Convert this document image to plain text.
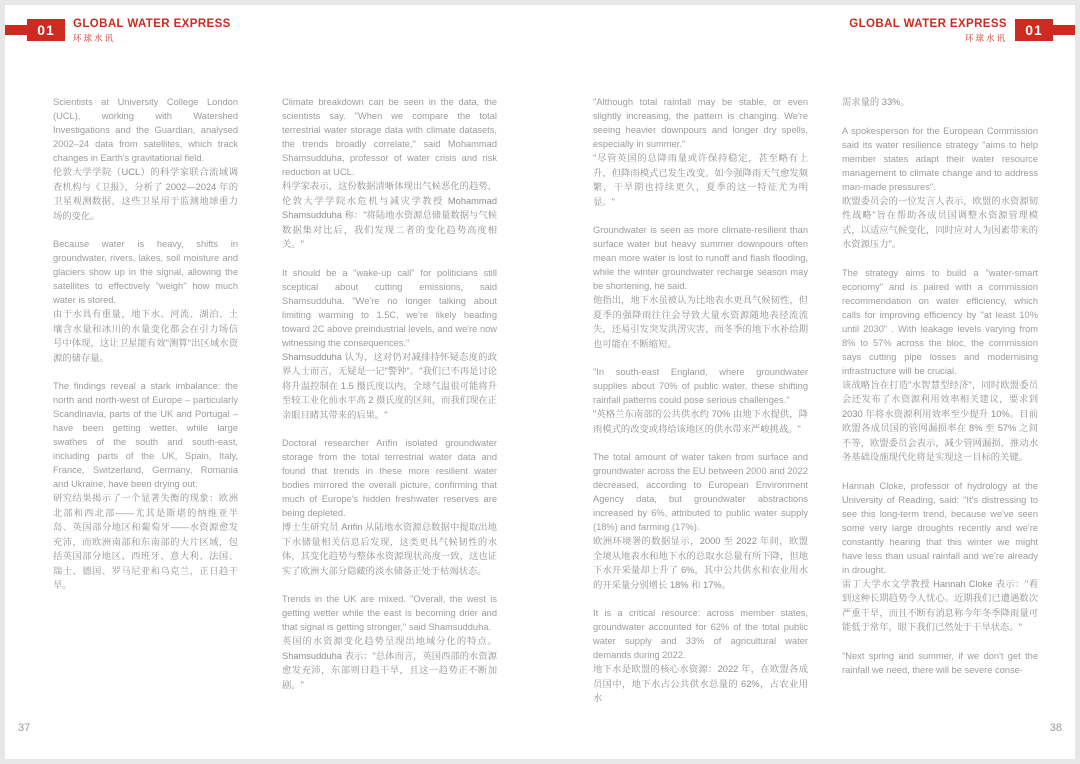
01	GLOBAL WATER EXPRESS
环球水讯	01
GLOBAL WATER EXPRESS
环球水讯

Scientists at University College London (UCL), working with Watershed Investigations and the Guardian, analysed 2002–24 data from satellites, which track changes in Earth's gravitational field.

伦敦大学学院（UCL）的科学家联合流域调查机构与《卫报》，分析了 2002—2024 年的卫星观测数据，这些卫星用于监测地球重力场的变化。

Because water is heavy, shifts in groundwater, rivers, lakes, soil moisture and glaciers show up in the signal, allowing the satellites to effectively "weigh" how much water is stored.

由于水具有重量，地下水、河流、湖泊、土壤含水量和冰川的水量变化都会在引力场信号中体现，这让卫星能有效"测算"出区域水资源的储存量。

The findings reveal a stark imbalance: the north and north-west of Europe – particularly Scandinavia, parts of the UK and Portugal – have been getting wetter, while large swathes of the south and south-east, including parts of the UK, Spain, Italy, France, Switzerland, Germany, Romania and Ukraine, have been drying out.

研究结果揭示了一个显著失衡的现象：欧洲北部和西北部——尤其是斯堪的纳维亚半岛、英国部分地区和葡萄牙——水资源愈发充沛，而欧洲南部和东南部的大片区域，包括英国部分地区、西班牙、意大利、法国、瑞士、德国、罗马尼亚和乌克兰，正日趋干旱。

Climate breakdown can be seen in the data, the scientists say. "When we compare the total terrestrial water storage data with climate datasets, the trends broadly correlate," said Mohammad Shamsudduha, professor of water crisis and risk reduction at UCL.

科学家表示，这份数据清晰体现出气候恶化的趋势，伦敦大学学院水危机与减灾学教授 Mohammad Shamsudduha 称："将陆地水资源总储量数据与气候数据集对比后，我们发现二者的变化趋势高度相关。"

It should be a "wake-up call" for politicians still sceptical about cutting emissions, said Shamsudduha. "We're no longer talking about limiting warming to 1.5C, we're likely heading toward 2C above preindustrial levels, and we're now witnessing the consequences."

Shamsudduha 认为，这对仍对减排持怀疑态度的政界人士而言，无疑是一记"警钟"。"我们已不再是讨论将升温控制在 1.5 摄氏度以内，全球气温很可能将升至较工业化前水平高 2 摄氏度的区间，而我们现在正亲眼目睹其带来的后果。"

Doctoral researcher Arifin isolated groundwater storage from the total terrestrial water data and found that trends in these more resilient water bodies mirrored the overall picture, confirming that much of Europe's hidden freshwater reserves are being depleted.

博士生研究员 Arifin 从陆地水资源总数据中提取出地下水储量相关信息后发现，这类更具气候韧性的水体，其变化趋势与整体水资源现状高度一致，这也证实了欧洲大部分隐藏的淡水储备正处于枯竭状态。

Trends in the UK are mixed. "Overall, the west is getting wetter while the east is becoming drier and that signal is getting stronger," said Shamsudduha.

英国的水资源变化趋势呈现出地域分化的特点。Shamsudduha 表示："总体而言，英国西部的水资源愈发充沛，东部则日趋干旱，且这一趋势正不断加剧。"

"Although total rainfall may be stable, or even slightly increasing, the pattern is changing. We're seeing heavier downpours and longer dry spells, especially in summer."

"尽管英国的总降雨量或许保持稳定，甚至略有上升，但降雨模式已发生改变。如今强降雨天气愈发频繁，干旱期也持续更久，夏季的这一特征尤为明显。"

Groundwater is seen as more climate-resilient than surface water but heavy summer downpours often mean more water is lost to runoff and flash flooding, while the winter groundwater recharge season may be shortening, he said.

他指出，地下水虽被认为比地表水更具气候韧性，但夏季的强降雨往往会导致大量水资源随地表径流流失，还易引发突发洪涝灾害，而冬季的地下水补给期也可能在不断缩短。

"In south-east England, where groundwater supplies about 70% of public water, these shifting rainfall patterns could pose serious challenges."

"英格兰东南部的公共供水约 70% 由地下水提供，降雨模式的改变或将给该地区的供水带来严峻挑战。"

The total amount of water taken from surface and groundwater across the EU between 2000 and 2022 decreased, according to European Environment Agency data, but groundwater abstractions increased by 6%, attributed to public water supply (18%) and farming (17%).

欧洲环境署的数据显示，2000 至 2022 年间，欧盟全境从地表水和地下水的总取水总量有所下降，但地下水开采量却上升了 6%，其中公共供水和农业用水的开采量分别增长 18% 和 17%。

It is a critical resource: across member states, groundwater accounted for 62% of the total public water supply and 33% of agricultural water demands during 2022.

地下水是欧盟的核心水资源：2022 年，在欧盟各成员国中，地下水占公共供水总量的 62%，占农业用水

需求量的 33%。

A spokesperson for the European Commission said its water resilience strategy "aims to help member states adapt their water resource management to climate change and to address man-made pressures".

欧盟委员会的一位发言人表示，欧盟的水资源韧性战略"旨在帮助各成员国调整水资源管理模式，以适应气候变化，同时应对人为因素带来的水资源压力"。

The strategy aims to build a "water-smart economy" and is paired with a commission recommendation on water efficiency, which calls for improving efficiency by "at least 10% until 2030" . With leakage levels varying from 8% to 57% across the bloc, the commission says cutting pipe losses and modernising infrastructure will be crucial.

该战略旨在打造"水智慧型经济"，同时欧盟委员会还发布了水资源利用效率相关建议，要求到 2030 年将水资源利用效率至少提升 10%。目前欧盟各成员国的管网漏损率在 8% 至 57% 之间不等，欧盟委员会表示，减少管网漏损、推动水务基础设施现代化将是实现这一目标的关键。

Hannah Cloke, professor of hydrology at the University of Reading, said: "It's distressing to see this long-term trend, because we've seen some very large droughts recently and we're constantly hearing that this winter we might have less than usual rainfall and we're already in drought.

雷丁大学水文学教授 Hannah Cloke 表示："看到这种长期趋势令人忧心。近期我们已遭遇数次严重干旱，而且不断有消息称今年冬季降雨量可能低于常年，眼下我们已然处于干旱状态。"

"Next spring and summer, if we don't get the rainfall we need, there will be severe conse-

37	38
